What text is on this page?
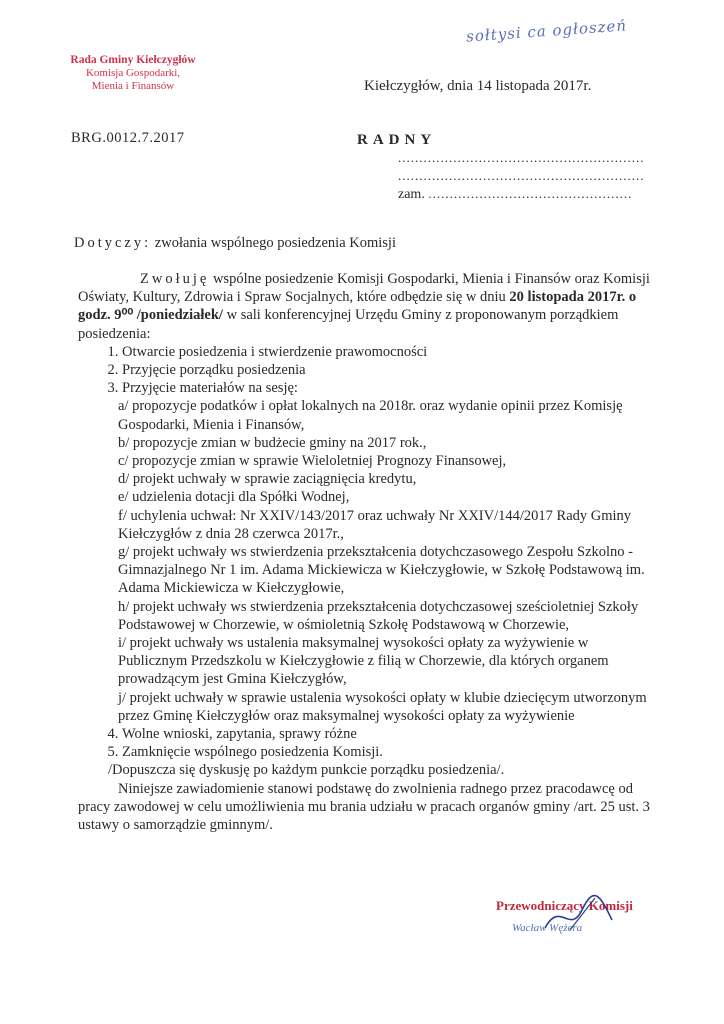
Rada Gminy Kiełczygłów
Komisja Gospodarki,
Mienia i Finansów
sołtysi ca ogłoszeń
Kiełczygłów, dnia 14 listopada 2017r.
BRG.0012.7.2017	RADNY
..........................................................
..........................................................
zam. ................................................
Dotyczy: zwołania wspólnego posiedzenia Komisji

Zwołuję wspólne posiedzenie Komisji Gospodarki, Mienia i Finansów oraz Komisji Oświaty, Kultury, Zdrowia i Spraw Socjalnych, które odbędzie się w dniu 20 listopada 2017r. o godz. 9⁰⁰ /poniedziałek/ w sali konferencyjnej Urzędu Gminy z proponowanym porządkiem posiedzenia:

1. Otwarcie posiedzenia i stwierdzenie prawomocności
2. Przyjęcie porządku posiedzenia
3. Przyjęcie materiałów na sesję:

a/ propozycje podatków i opłat lokalnych na 2018r. oraz wydanie opinii przez Komisję Gospodarki, Mienia i Finansów,

b/ propozycje zmian w budżecie gminy na 2017 rok.,

c/ propozycje zmian w sprawie Wieloletniej Prognozy Finansowej,

d/ projekt uchwały w sprawie zaciągnięcia kredytu,

e/ udzielenia dotacji dla Spółki Wodnej,

f/ uchylenia uchwał: Nr XXIV/143/2017 oraz uchwały Nr XXIV/144/2017 Rady Gminy Kiełczygłów z dnia 28 czerwca 2017r.,

g/ projekt uchwały ws stwierdzenia przekształcenia dotychczasowego Zespołu Szkolno - Gimnazjalnego Nr 1 im. Adama Mickiewicza w Kiełczygłowie, w Szkołę Podstawową im. Adama Mickiewicza w Kiełczygłowie,

h/ projekt uchwały ws stwierdzenia przekształcenia dotychczasowej sześcioletniej Szkoły Podstawowej w Chorzewie, w ośmioletnią Szkołę Podstawową w Chorzewie,

i/ projekt uchwały ws ustalenia maksymalnej wysokości opłaty za wyżywienie w Publicznym Przedszkolu w Kiełczygłowie z filią w Chorzewie, dla których organem prowadzącym jest Gmina Kiełczygłów,

j/ projekt uchwały w sprawie ustalenia wysokości opłaty w klubie dziecięcym utworzonym przez Gminę Kiełczygłów oraz maksymalnej wysokości opłaty za wyżywienie

4. Wolne wnioski, zapytania, sprawy różne
5. Zamknięcie wspólnego posiedzenia Komisji.

/Dopuszcza się dyskusję po każdym punkcie porządku posiedzenia/.

Niniejsze zawiadomienie stanowi podstawę do zwolnienia radnego przez pracodawcę od pracy zawodowej w celu umożliwienia mu brania udziału w pracach organów gminy /art. 25 ust. 3 ustawy o samorządzie gminnym/.

Przewodniczący Komisji
Wacław Wężera
